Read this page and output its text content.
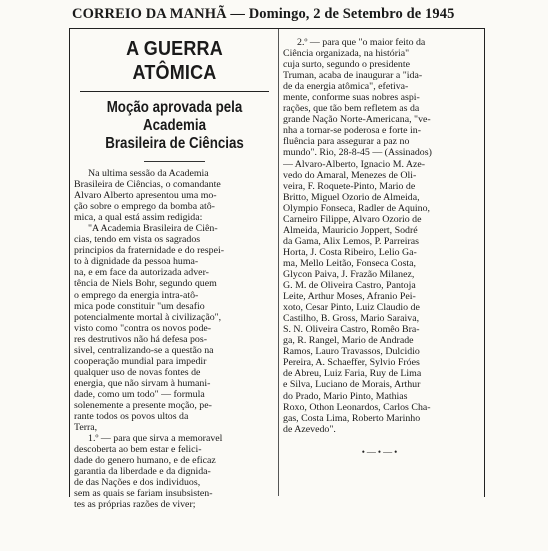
CORREIO DA MANHÃ — Domingo, 2 de Setembro de 1945
A GUERRA ATÔMICA
Moção aprovada pela Academia
Brasileira de Ciências
Na ultima sessão da Academia
Brasileira de Ciências, o comandante
Alvaro Alberto apresentou uma mo-
ção sobre o emprego da bomba atô-
mica, a qual está assim redigida:
"A Academia Brasileira de Ciên-
cias, tendo em vista os sagrados
principios da fraternidade e do respei-
to à dignidade da pessoa huma-
na, e em face da autorizada adver-
tência de Niels Bohr, segundo quem
o emprego da energia intra-atô-
mica pode constituir "um desafio
potencialmente mortal à civilização",
visto como "contra os novos pode-
res destrutivos não há defesa pos-
sivel, centralizando-se a questão na
cooperação mundial para impedir
qualquer uso de novas fontes de
energia, que não sirvam à humani-
dade, como um todo" — formula
solenemente a presente moção, pe-
rante todos os povos ultos da
Terra,
1.º — para que sirva a memoravel
descoberta ao bem estar e felici-
dade do genero humano, e de eficaz
garantia da liberdade e da dignida-
de das Nações e dos individuos,
sem as quais se fariam insubsisten-
tes as próprias razões de viver;
2.º — para que "o maior feito da
Ciência organizada, na história"
cuja surto, segundo o presidente
Truman, acaba de inaugurar a "ida-
de da energia atômica", efetiva-
mente, conforme suas nobres aspi-
rações, que tão bem refletem as da
grande Nação Norte-Americana, "ve-
nha a tornar-se poderosa e forte in-
fluência para assegurar a paz no
mundo". Rio, 28-8-45 — (Assinados)
— Alvaro-Alberto, Ignacio M. Aze-
vedo do Amaral, Menezes de Oli-
veira, F. Roquete-Pinto, Mario de
Britto, Miguel Ozorio de Almeida,
Olympio Fonseca, Radler de Aquino,
Carneiro Filippe, Alvaro Ozorio de
Almeida, Mauricio Joppert, Sodré
da Gama, Alix Lemos, P. Parreiras
Horta, J. Costa Ribeiro, Lelio Ga-
ma, Mello Leitão, Fonseca Costa,
Glycon Paiva, J. Frazão Milanez,
G. M. de Oliveira Castro, Pantoja
Leite, Arthur Moses, Afranio Pei-
xoto, Cesar Pinto, Luiz Claudio de
Castilho, B. Gross, Mario Saraiva,
S. N. Oliveira Castro, Romêo Bra-
ga, R. Rangel, Mario de Andrade
Ramos, Lauro Travassos, Dulcidio
Pereira, A. Schaeffer, Sylvio Fróes
de Abreu, Luiz Faria, Ruy de Lima
e Silva, Luciano de Morais, Arthur
do Prado, Mario Pinto, Mathias
Roxo, Othon Leonardos, Carlos Cha-
gas, Costa Lima, Roberto Marinho
de Azevedo".
•—•—•
